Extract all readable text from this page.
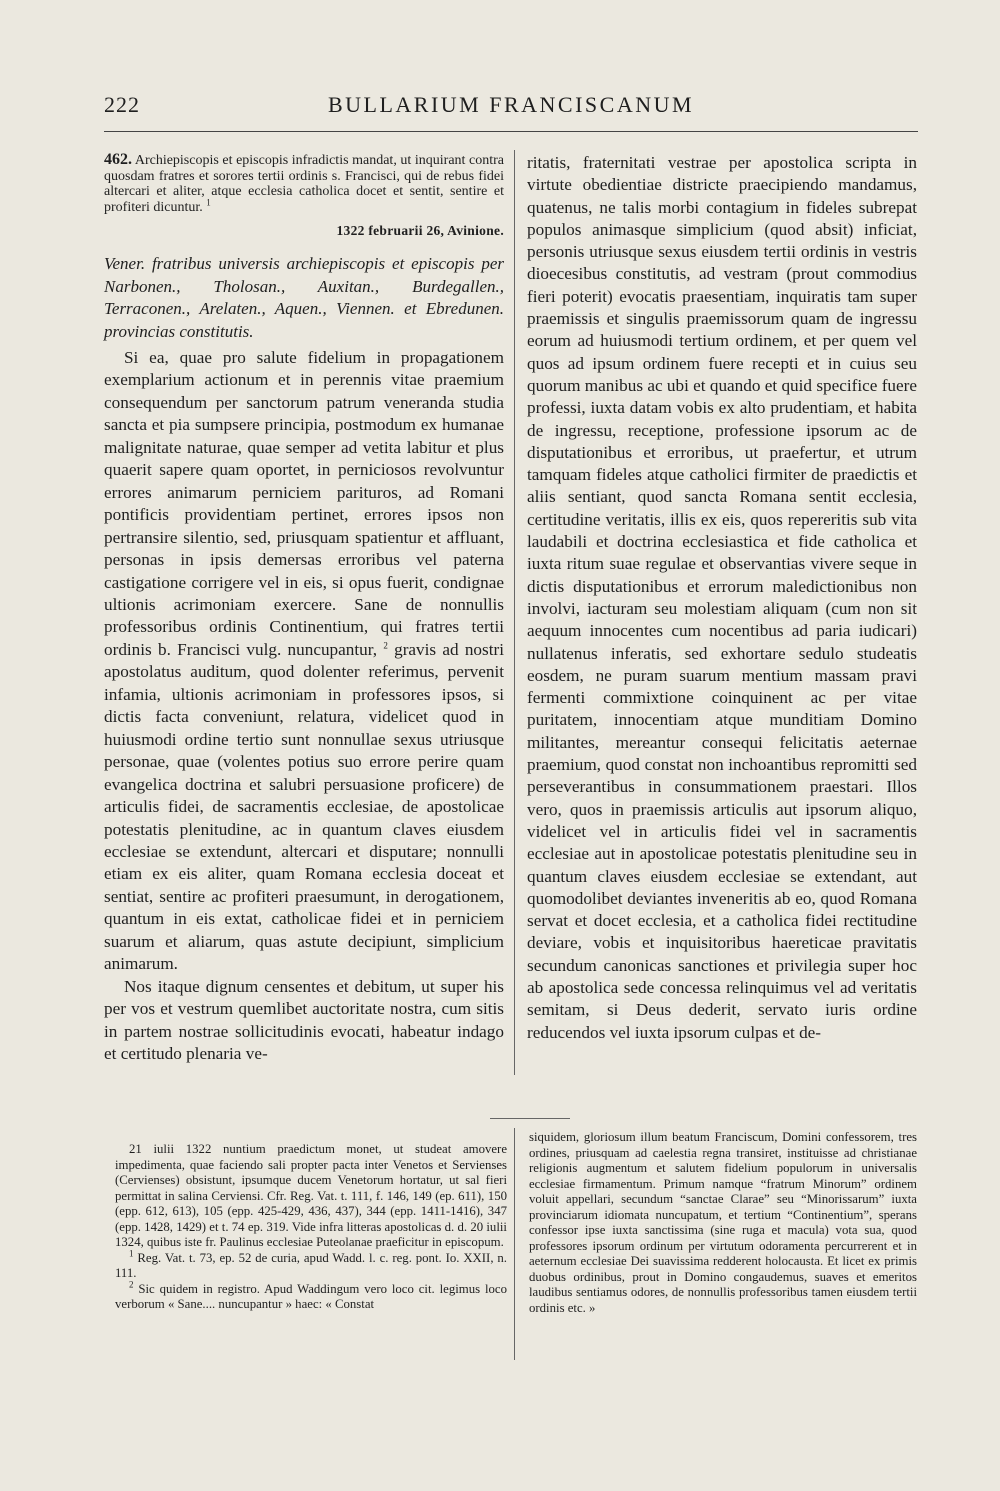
222	BULLARIUM FRANCISCANUM

462. Archiepiscopis et episcopis infradictis mandat, ut inquirant contra quosdam fratres et sorores tertii ordinis s. Francisci, qui de rebus fidei altercari et aliter, atque ecclesia catholica docet et sentit, sentire et profiteri dicuntur. $^1$

1322 februarii 26, Avinione.

Vener. fratribus universis archiepiscopis et episcopis per Narbonen., Tholosan., Auxitan., Burdegallen., Terraconen., Arelaten., Aquen., Viennen. et Ebredunen. provincias constitutis.

Si ea, quae pro salute fidelium in propagationem exemplarium actionum et in perennis vitae praemium consequendum per sanctorum patrum veneranda studia sancta et pia sumpsere principia, postmodum ex humanae malignitate naturae, quae semper ad vetita labitur et plus quaerit sapere quam oportet, in perniciosos revolvuntur errores animarum perniciem parituros, ad Romani pontificis providentiam pertinet, errores ipsos non pertransire silentio, sed, priusquam spatientur et affluant, personas in ipsis demersas erroribus vel paterna castigatione corrigere vel in eis, si opus fuerit, condignae ultionis acrimoniam exercere. Sane de nonnullis professoribus ordinis Continentium, qui fratres tertii ordinis b. Francisci vulg. nuncupantur, $^2$ gravis ad nostri apostolatus auditum, quod dolenter referimus, pervenit infamia, ultionis acrimoniam in professores ipsos, si dictis facta conveniunt, relatura, videlicet quod in huiusmodi ordine tertio sunt nonnullae sexus utriusque personae, quae (volentes potius suo errore perire quam evangelica doctrina et salubri persuasione proficere) de articulis fidei, de sacramentis ecclesiae, de apostolicae potestatis plenitudine, ac in quantum claves eiusdem ecclesiae se extendunt, altercari et disputare; nonnulli etiam ex eis aliter, quam Romana ecclesia doceat et sentiat, sentire ac profiteri praesumunt, in derogationem, quantum in eis extat, catholicae fidei et in perniciem suarum et aliarum, quas astute decipiunt, simplicium animarum.

Nos itaque dignum censentes et debitum, ut super his per vos et vestrum quemlibet auctoritate nostra, cum sitis in partem nostrae sollicitudinis evocati, habeatur indago et certitudo plenaria ve-

ritatis, fraternitati vestrae per apostolica scripta in virtute obedientiae districte praecipiendo mandamus, quatenus, ne talis morbi contagium in fideles subrepat populos animasque simplicium (quod absit) inficiat, personis utriusque sexus eiusdem tertii ordinis in vestris dioecesibus constitutis, ad vestram (prout commodius fieri poterit) evocatis praesentiam, inquiratis tam super praemissis et singulis praemissorum quam de ingressu eorum ad huiusmodi tertium ordinem, et per quem vel quos ad ipsum ordinem fuere recepti et in cuius seu quorum manibus ac ubi et quando et quid specifice fuere professi, iuxta datam vobis ex alto prudentiam, et habita de ingressu, receptione, professione ipsorum ac de disputationibus et erroribus, ut praefertur, et utrum tamquam fideles atque catholici firmiter de praedictis et aliis sentiant, quod sancta Romana sentit ecclesia, certitudine veritatis, illis ex eis, quos repereritis sub vita laudabili et doctrina ecclesiastica et fide catholica et iuxta ritum suae regulae et observantias vivere seque in dictis disputationibus et errorum maledictionibus non involvi, iacturam seu molestiam aliquam (cum non sit aequum innocentes cum nocentibus ad paria iudicari) nullatenus inferatis, sed exhortare sedulo studeatis eosdem, ne puram suarum mentium massam pravi fermenti commixtione coinquinent ac per vitae puritatem, innocentiam atque munditiam Domino militantes, mereantur consequi felicitatis aeternae praemium, quod constat non inchoantibus repromitti sed perseverantibus in consummationem praestari. Illos vero, quos in praemissis articulis aut ipsorum aliquo, videlicet vel in articulis fidei vel in sacramentis ecclesiae aut in apostolicae potestatis plenitudine seu in quantum claves eiusdem ecclesiae se extendant, aut quomodolibet deviantes inveneritis ab eo, quod Romana servat et docet ecclesia, et a catholica fidei rectitudine deviare, vobis et inquisitoribus haereticae pravitatis secundum canonicas sanctiones et privilegia super hoc ab apostolica sede concessa relinquimus vel ad veritatis semitam, si Deus dederit, servato iuris ordine reducendos vel iuxta ipsorum culpas et de-

21 iulii 1322 nuntium praedictum monet, ut studeat amovere impedimenta, quae faciendo sali propter pacta inter Venetos et Servienses (Cervienses) obsistunt, ipsumque ducem Venetorum hortatur, ut sal fieri permittat in salina Cerviensi. Cfr. Reg. Vat. t. 111, f. 146, 149 (ep. 611), 150 (epp. 612, 613), 105 (epp. 425-429, 436, 437), 344 (epp. 1411-1416), 347 (epp. 1428, 1429) et t. 74 ep. 319. Vide infra litteras apostolicas d. d. 20 iulii 1324, quibus iste fr. Paulinus ecclesiae Puteolanae praeficitur in episcopum.

$^1$ Reg. Vat. t. 73, ep. 52 de curia, apud Wadd. l. c. reg. pont. Io. XXII, n. 111.

$^2$ Sic quidem in registro. Apud Waddingum vero loco cit. legimus loco verborum « Sane.... nuncupantur » haec: « Constat

siquidem, gloriosum illum beatum Franciscum, Domini confessorem, tres ordines, priusquam ad caelestia regna transiret, instituisse ad christianae religionis augmentum et salutem fidelium populorum in universalis ecclesiae firmamentum. Primum namque “fratrum Minorum” ordinem voluit appellari, secundum “sanctae Clarae” seu “Minorissarum” iuxta provinciarum idiomata nuncupatum, et tertium “Continentium”, sperans confessor ipse iuxta sanctissima (sine ruga et macula) vota sua, quod professores ipsorum ordinum per virtutum odoramenta percurrerent et in aeternum ecclesiae Dei suavissima redderent holocausta. Et licet ex primis duobus ordinibus, prout in Domino congaudemus, suaves et emeritos laudibus sentiamus odores, de nonnullis professoribus tamen eiusdem tertii ordinis etc. »
